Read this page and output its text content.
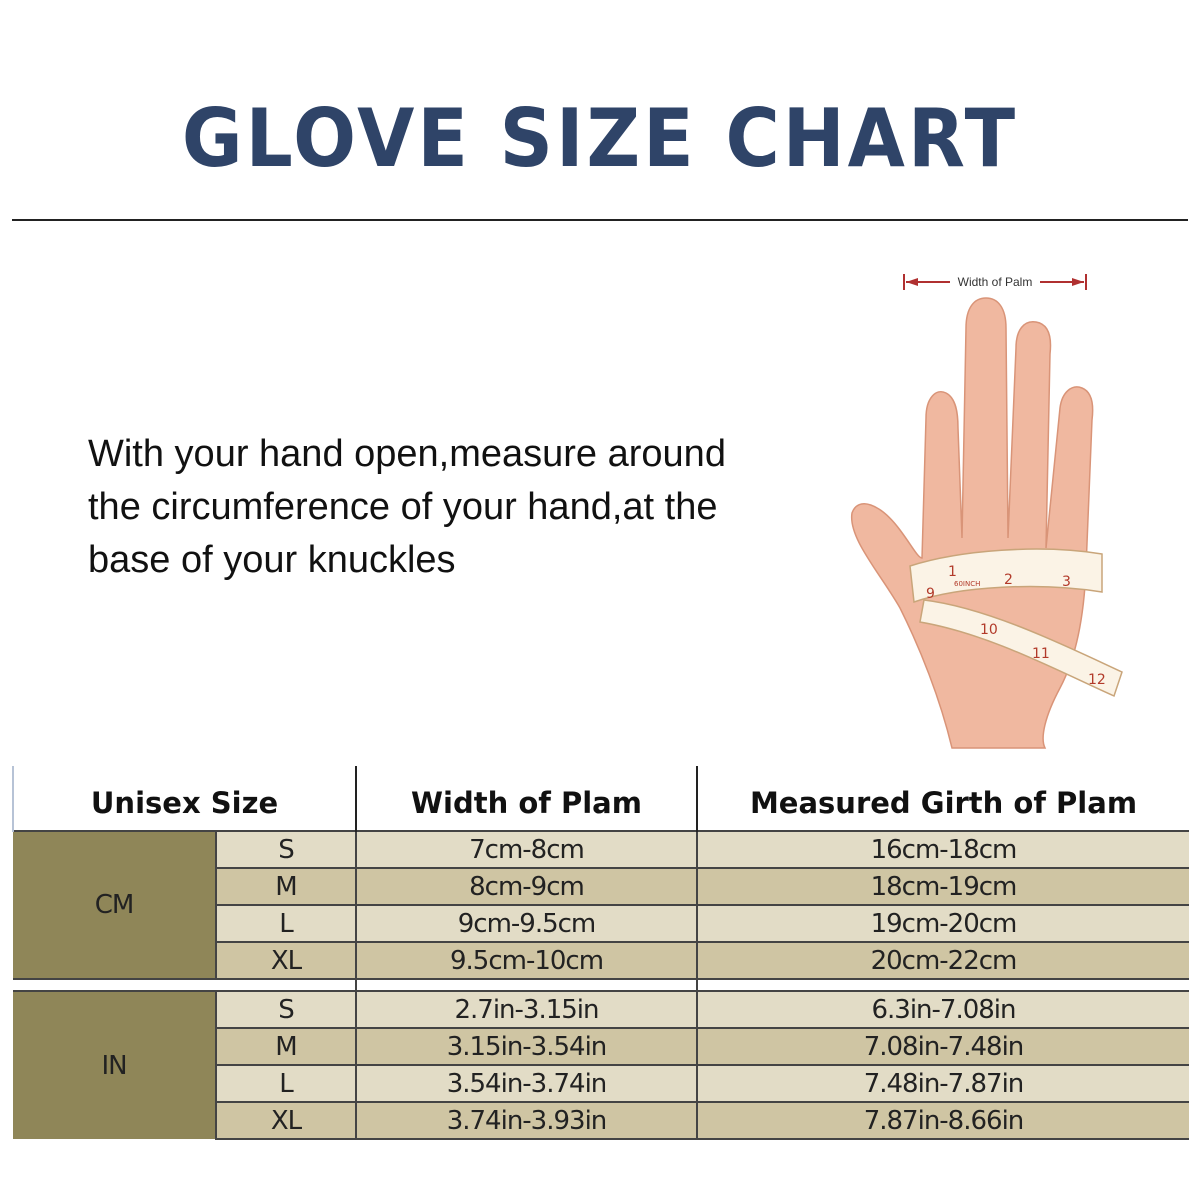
GLOVE SIZE CHART
With your hand open,measure around
the circumference of your hand,at the
base of your knuckles
Width of Palm
1
60INCH 2	3
9
10
11
12
Unisex Size		Width of Plam	Measured Girth of Plam
CM	S	7cm-8cm	16cm-18cm
	M	8cm-9cm	18cm-19cm
	L	9cm-9.5cm	19cm-20cm
	XL	9.5cm-10cm	20cm-22cm

IN	S	2.7in-3.15in	6.3in-7.08in
	M	3.15in-3.54in	7.08in-7.48in
	L	3.54in-3.74in	7.48in-7.87in
	XL	3.74in-3.93in	7.87in-8.66in
